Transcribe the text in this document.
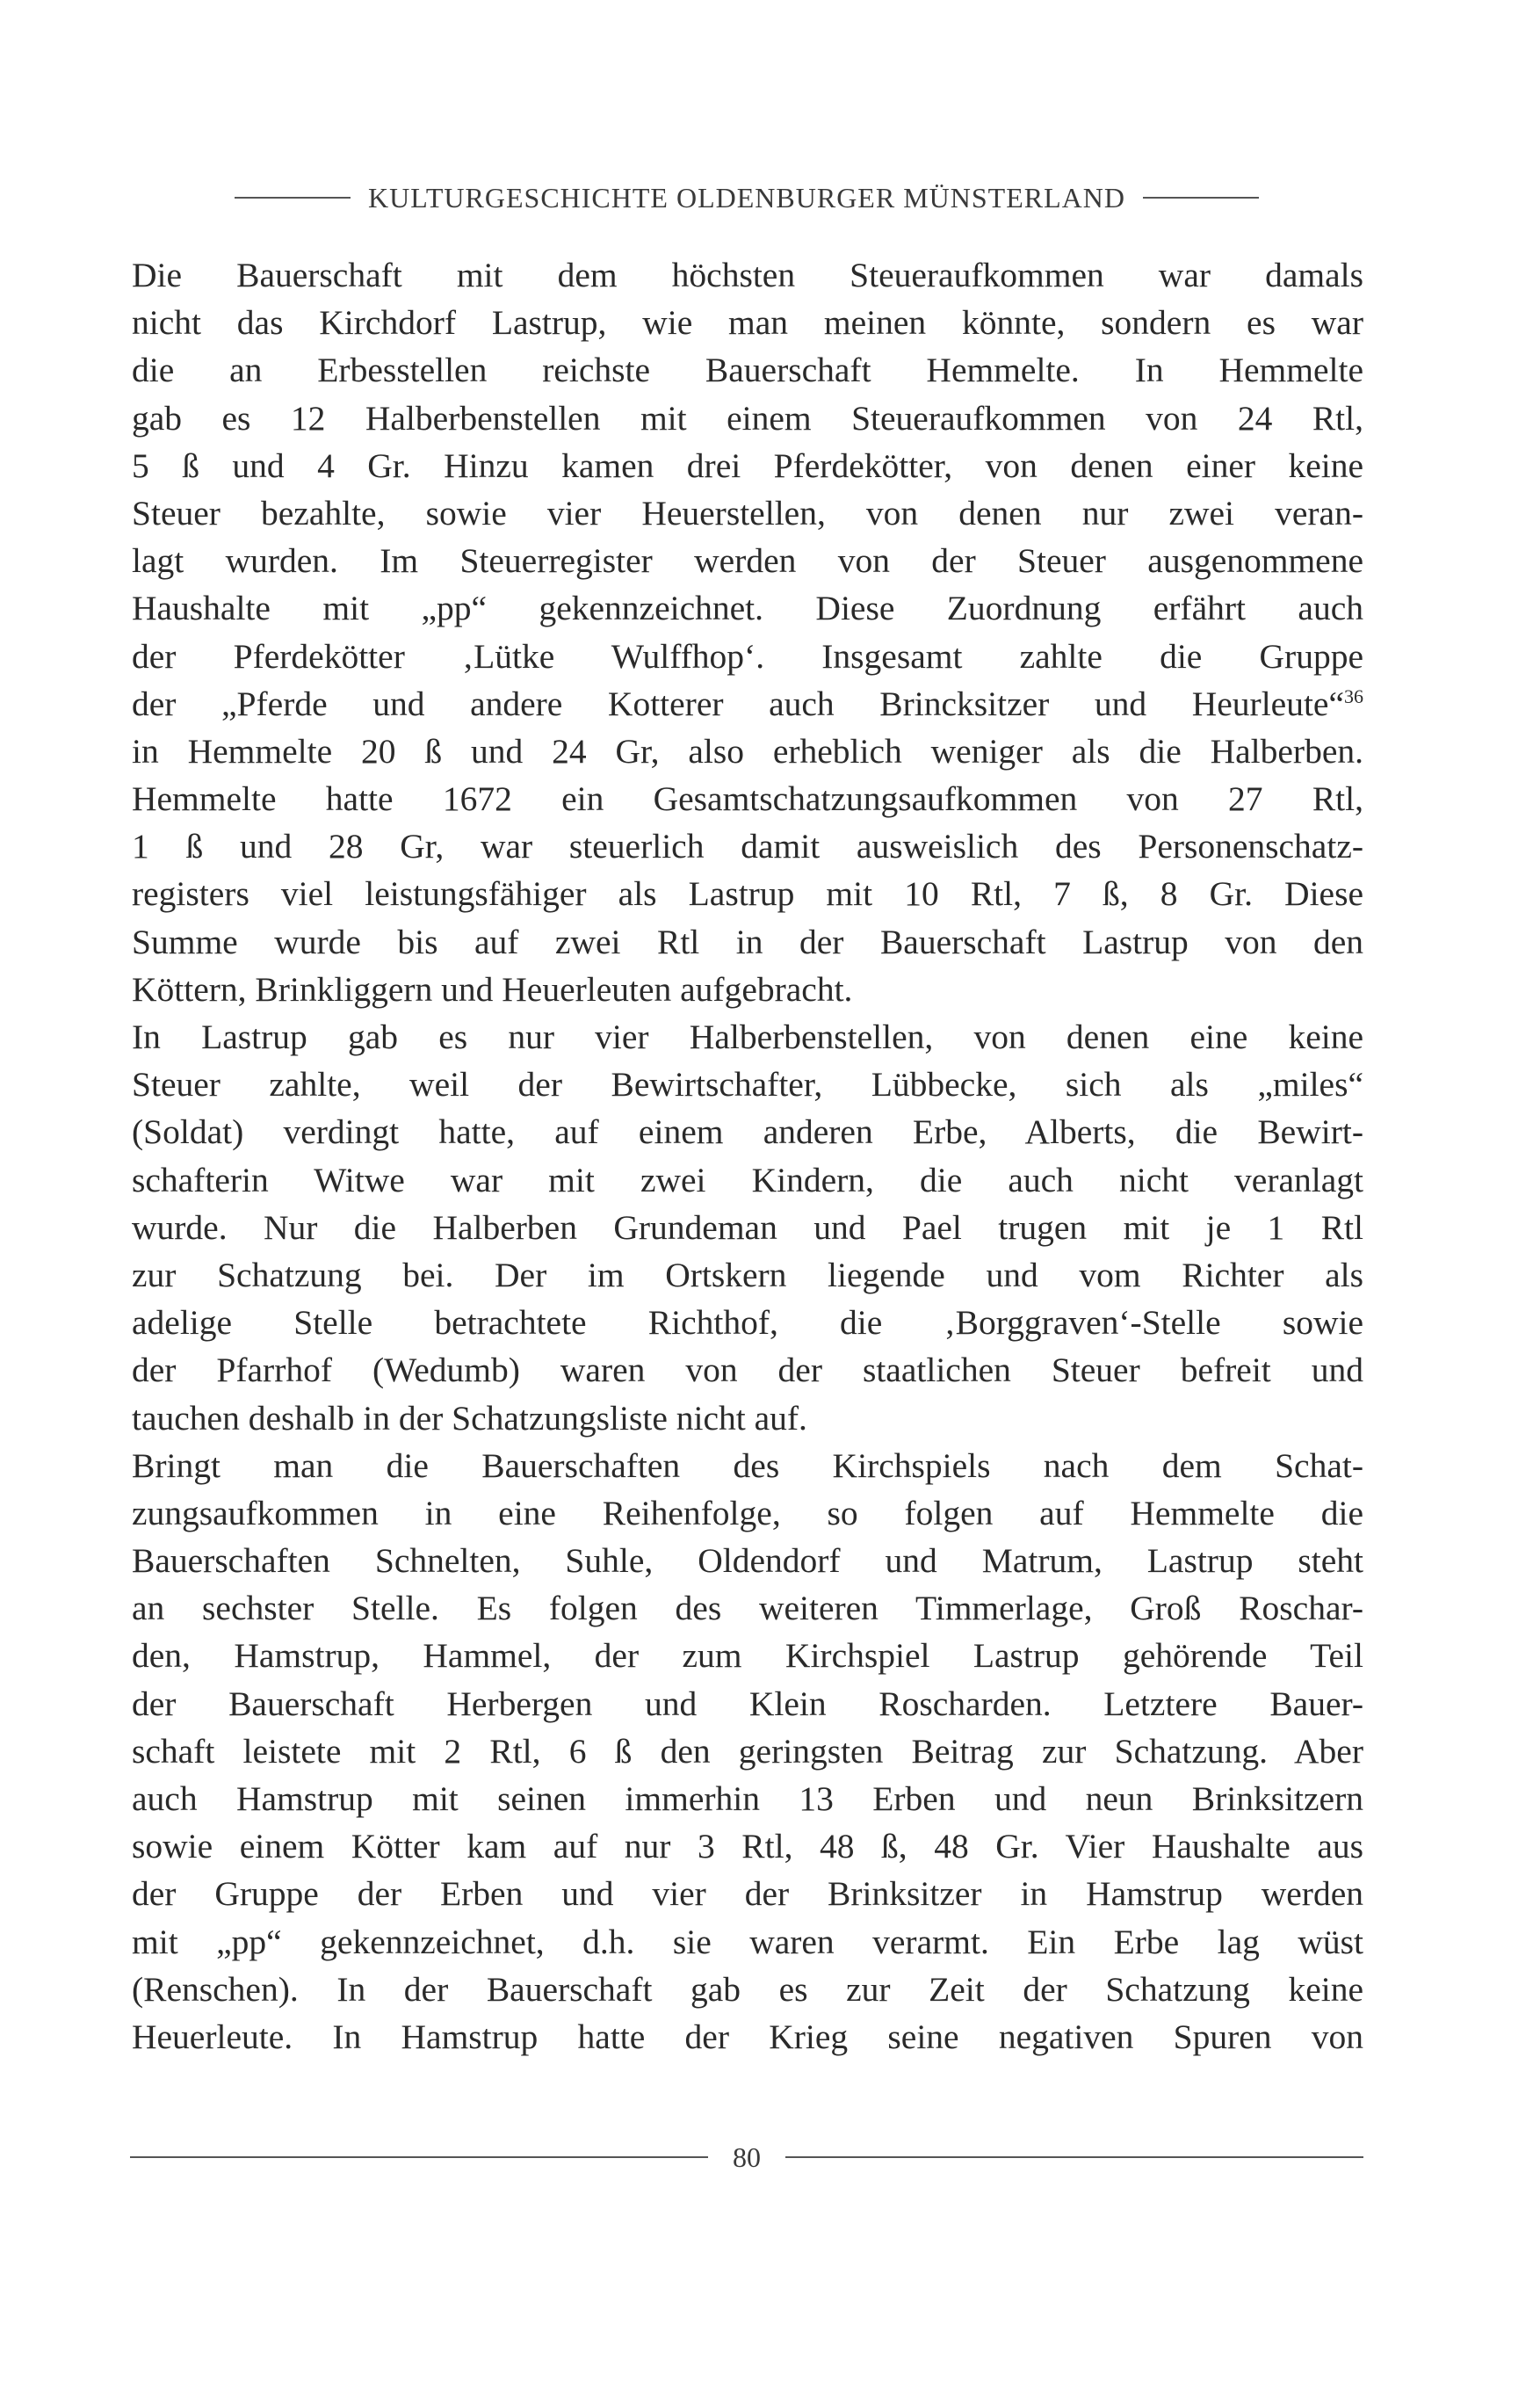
KULTURGESCHICHTE OLDENBURGER MÜNSTERLAND

Die Bauerschaft mit dem höchsten Steueraufkommen war damals
nicht das Kirchdorf Lastrup, wie man meinen könnte, sondern es war
die an Erbesstellen reichste Bauerschaft Hemmelte. In Hemmelte
gab es 12 Halberbenstellen mit einem Steueraufkommen von 24 Rtl,
5 ß und 4 Gr. Hinzu kamen drei Pferdekötter, von denen einer keine
Steuer bezahlte, sowie vier Heuerstellen, von denen nur zwei veran-
lagt wurden. Im Steuerregister werden von der Steuer ausgenommene
Haushalte mit „pp“ gekennzeichnet. Diese Zuordnung erfährt auch
der Pferdekötter ‚Lütke Wulffhop‘. Insgesamt zahlte die Gruppe
der „Pferde und andere Kotterer auch Brincksitzer und Heurleute“$^{36}$
in Hemmelte 20 ß und 24 Gr, also erheblich weniger als die Halberben.
Hemmelte hatte 1672 ein Gesamtschatzungsaufkommen von 27 Rtl,
1 ß und 28 Gr, war steuerlich damit ausweislich des Personenschatz-
registers viel leistungsfähiger als Lastrup mit 10 Rtl, 7 ß, 8 Gr. Diese
Summe wurde bis auf zwei Rtl in der Bauerschaft Lastrup von den
Köttern, Brinkliggern und Heuerleuten aufgebracht.

In Lastrup gab es nur vier Halberbenstellen, von denen eine keine
Steuer zahlte, weil der Bewirtschafter, Lübbecke, sich als „miles“
(Soldat) verdingt hatte, auf einem anderen Erbe, Alberts, die Bewirt-
schafterin Witwe war mit zwei Kindern, die auch nicht veranlagt
wurde. Nur die Halberben Grundeman und Pael trugen mit je 1 Rtl
zur Schatzung bei. Der im Ortskern liegende und vom Richter als
adelige Stelle betrachtete Richthof, die ‚Borggraven‘-Stelle sowie
der Pfarrhof (Wedumb) waren von der staatlichen Steuer befreit und
tauchen deshalb in der Schatzungsliste nicht auf.

Bringt man die Bauerschaften des Kirchspiels nach dem Schat-
zungsaufkommen in eine Reihenfolge, so folgen auf Hemmelte die
Bauerschaften Schnelten, Suhle, Oldendorf und Matrum, Lastrup steht
an sechster Stelle. Es folgen des weiteren Timmerlage, Groß Roschar-
den, Hamstrup, Hammel, der zum Kirchspiel Lastrup gehörende Teil
der Bauerschaft Herbergen und Klein Roscharden. Letztere Bauer-
schaft leistete mit 2 Rtl, 6 ß den geringsten Beitrag zur Schatzung. Aber
auch Hamstrup mit seinen immerhin 13 Erben und neun Brinksitzern
sowie einem Kötter kam auf nur 3 Rtl, 48 ß, 48 Gr. Vier Haushalte aus
der Gruppe der Erben und vier der Brinksitzer in Hamstrup werden
mit „pp“ gekennzeichnet, d.h. sie waren verarmt. Ein Erbe lag wüst
(Renschen). In der Bauerschaft gab es zur Zeit der Schatzung keine
Heuerleute. In Hamstrup hatte der Krieg seine negativen Spuren von

80
